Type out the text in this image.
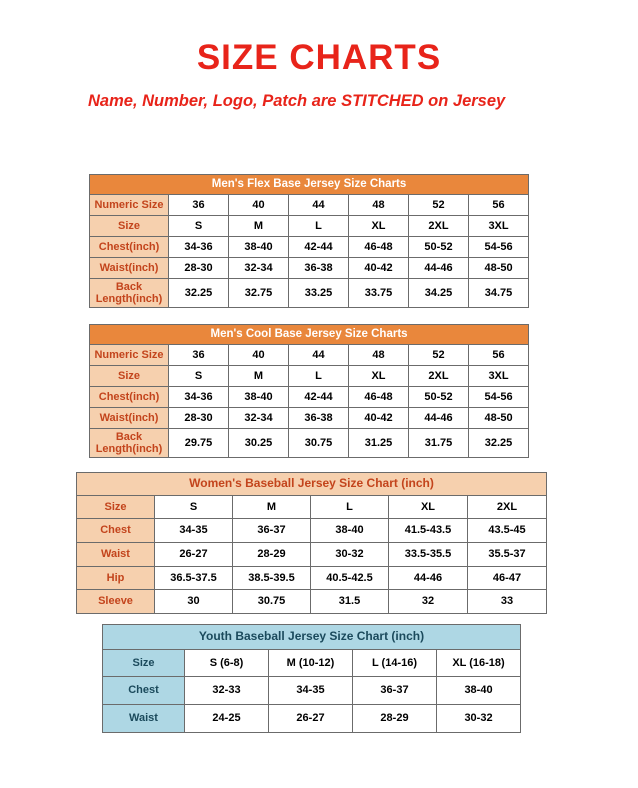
SIZE CHARTS
Name, Number, Logo, Patch are STITCHED on Jersey
Men's Flex Base Jersey Size Charts						
Numeric Size	36	40	44	48	52	56
Size	S	M	L	XL	2XL	3XL
Chest(inch)	34-36	38-40	42-44	46-48	50-52	54-56
Waist(inch)	28-30	32-34	36-38	40-42	44-46	48-50
Back Length(inch)	32.25	32.75	33.25	33.75	34.25	34.75
Men's Cool Base Jersey Size Charts						
Numeric Size	36	40	44	48	52	56
Size	S	M	L	XL	2XL	3XL
Chest(inch)	34-36	38-40	42-44	46-48	50-52	54-56
Waist(inch)	28-30	32-34	36-38	40-42	44-46	48-50
Back Length(inch)	29.75	30.25	30.75	31.25	31.75	32.25
Women's Baseball Jersey Size Chart (inch)					
Size	S	M	L	XL	2XL
Chest	34-35	36-37	38-40	41.5-43.5	43.5-45
Waist	26-27	28-29	30-32	33.5-35.5	35.5-37
Hip	36.5-37.5	38.5-39.5	40.5-42.5	44-46	46-47
Sleeve	30	30.75	31.5	32	33
Youth Baseball Jersey Size Chart (inch)				
Size	S (6-8)	M (10-12)	L (14-16)	XL (16-18)
Chest	32-33	34-35	36-37	38-40
Waist	24-25	26-27	28-29	30-32
